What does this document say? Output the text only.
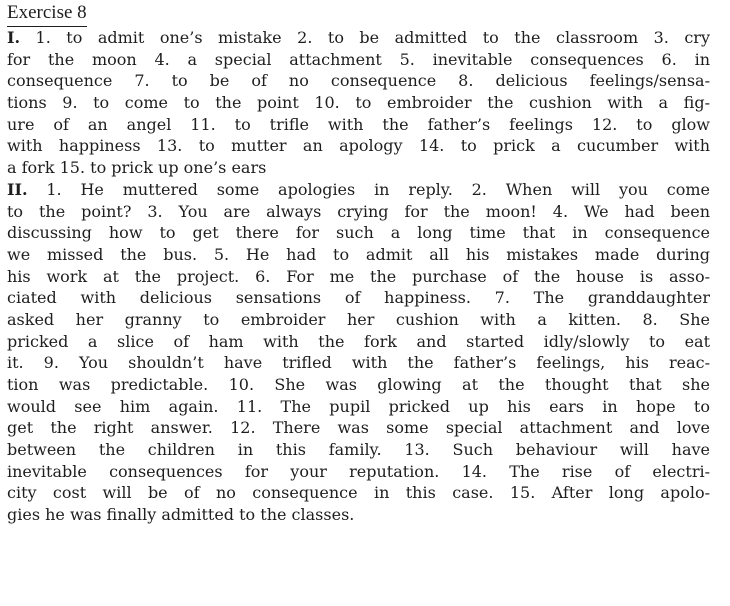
Exercise 8
I. 1. to admit one’s mistake 2. to be admitted to the classroom 3. cry
for the moon 4. a special attachment 5. inevitable consequences 6. in
consequence 7. to be of no consequence 8. delicious feelings/sensa-
tions 9. to come to the point 10. to embroider the cushion with a fig-
ure of an angel 11. to trifle with the father’s feelings 12. to glow
with happiness 13. to mutter an apology 14. to prick a cucumber with
a fork 15. to prick up one’s ears
II. 1. He muttered some apologies in reply. 2. When will you come
to the point? 3. You are always crying for the moon! 4. We had been
discussing how to get there for such a long time that in consequence
we missed the bus. 5. He had to admit all his mistakes made during
his work at the project. 6. For me the purchase of the house is asso-
ciated with delicious sensations of happiness. 7. The granddaughter
asked her granny to embroider her cushion with a kitten. 8. She
pricked a slice of ham with the fork and started idly/slowly to eat
it. 9. You shouldn’t have trifled with the father’s feelings, his reac-
tion was predictable. 10. She was glowing at the thought that she
would see him again. 11. The pupil pricked up his ears in hope to
get the right answer. 12. There was some special attachment and love
between the children in this family. 13. Such behaviour will have
inevitable consequences for your reputation. 14. The rise of electri-
city cost will be of no consequence in this case. 15. After long apolo-
gies he was finally admitted to the classes.
